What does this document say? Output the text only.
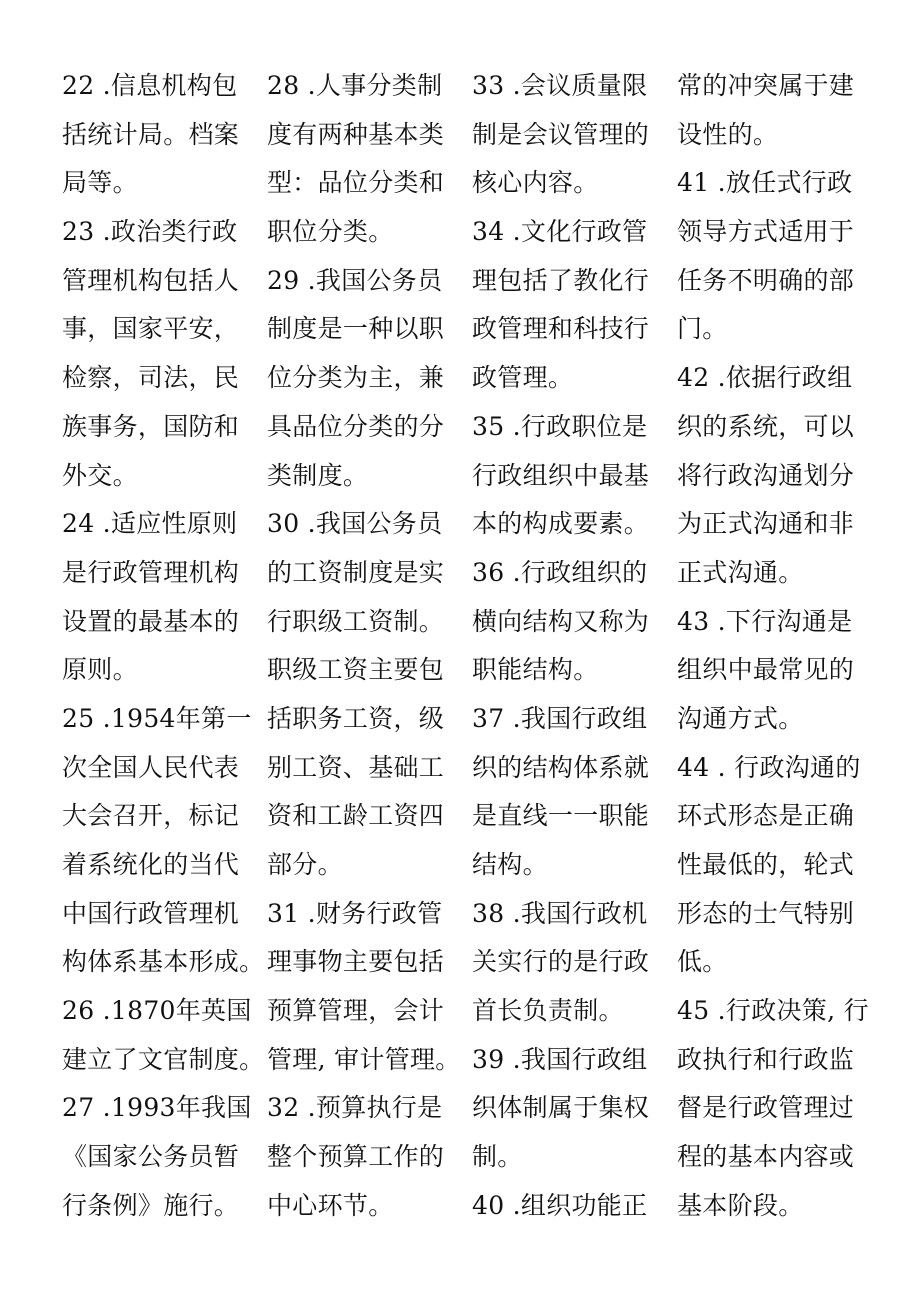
22 .信息机构包
括统计局。档案
局等。
23 .政治类行政
管理机构包括人
事，国家平安，
检察，司法，民
族事务，国防和
外交。
24 .适应性原则
是行政管理机构
设置的最基本的
原则。
25 .1954年第一
次全国人民代表
大会召开，标记
着系统化的当代
中国行政管理机
构体系基本形成。
26 .1870年英国
建立了文官制度。
27 .1993年我国
《国家公务员暂
行条例》施行。
28 .人事分类制
度有两种基本类
型：品位分类和
职位分类。
29 .我国公务员
制度是一种以职
位分类为主，兼
具品位分类的分
类制度。
30 .我国公务员
的工资制度是实
行职级工资制。
职级工资主要包
括职务工资，级
别工资、基础工
资和工龄工资四
部分。
31 .财务行政管
理事物主要包括
预算管理，会计
管理, 审计管理。
32 .预算执行是
整个预算工作的
中心环节。
33 .会议质量限
制是会议管理的
核心内容。
34 .文化行政管
理包括了教化行
政管理和科技行
政管理。
35 .行政职位是
行政组织中最基
本的构成要素。
36 .行政组织的
横向结构又称为
职能结构。
37 .我国行政组
织的结构体系就
是直线一一职能
结构。
38 .我国行政机
关实行的是行政
首长负责制。
39 .我国行政组
织体制属于集权
制。
40 .组织功能正
常的冲突属于建
设性的。
41 .放任式行政
领导方式适用于
任务不明确的部
门。
42 .依据行政组
织的系统，可以
将行政沟通划分
为正式沟通和非
正式沟通。
43 .下行沟通是
组织中最常见的
沟通方式。
44 . 行政沟通的
环式形态是正确
性最低的，轮式
形态的士气特别
低。
45 .行政决策, 行
政执行和行政监
督是行政管理过
程的基本内容或
基本阶段。
